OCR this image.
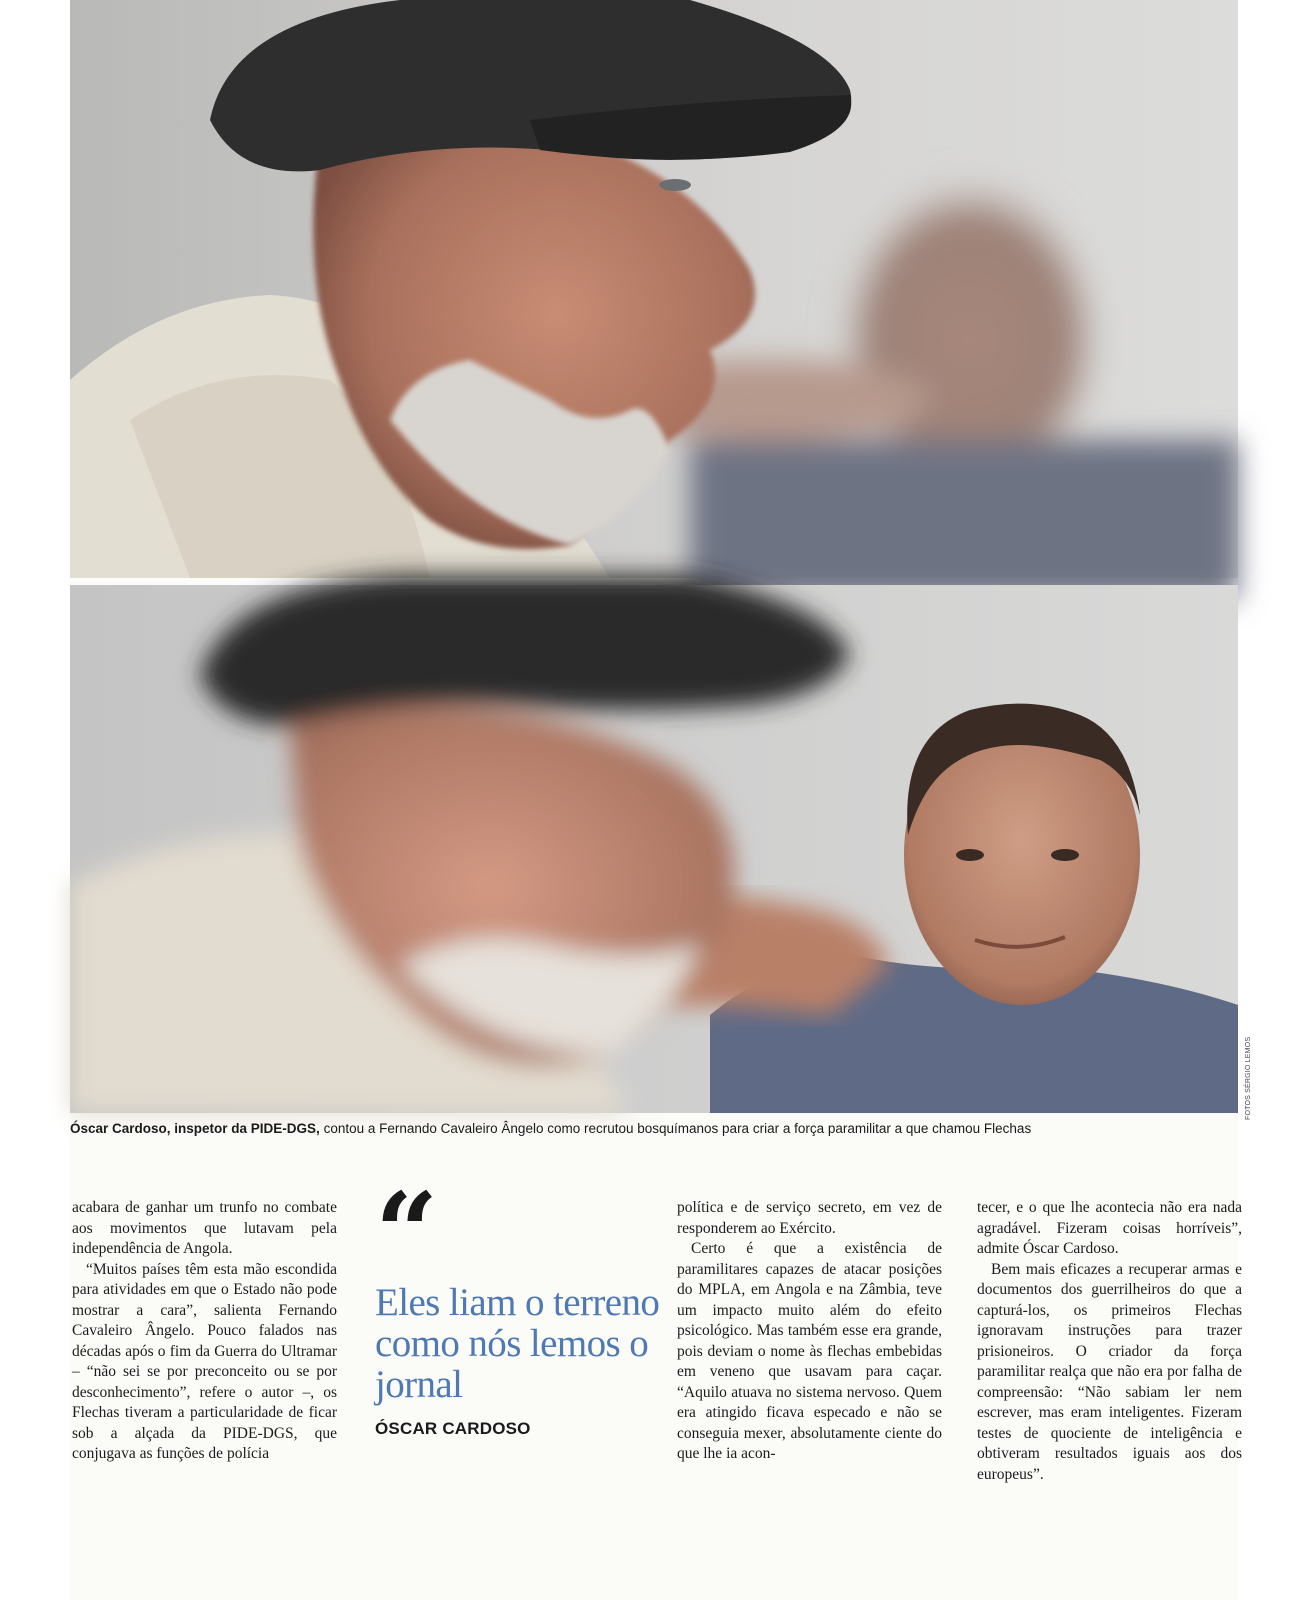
FOTOS SÉRGIO LEMOS
Óscar Cardoso, inspetor da PIDE-DGS, contou a Fernando Cavaleiro Ângelo como recrutou bosquímanos para criar a força paramilitar a que chamou Flechas

acabara de ganhar um trunfo no combate aos movimentos que lutavam pela independência de Angola.

“Muitos países têm esta mão escondida para atividades em que o Estado não pode mostrar a cara”, salienta Fernando Cavaleiro Ângelo. Pouco falados nas décadas após o fim da Guerra do Ultramar – “não sei se por preconceito ou se por desconhecimento”, refere o autor –, os Flechas tiveram a particularidade de ficar sob a alçada da PIDE-DGS, que conjugava as funções de polícia

“
Eles liam o terreno como nós lemos o jornal
ÓSCAR CARDOSO

política e de serviço secreto, em vez de responderem ao Exército.

Certo é que a existência de paramilitares capazes de atacar posições do MPLA, em Angola e na Zâmbia, teve um impacto muito além do efeito psicológico. Mas também esse era grande, pois deviam o nome às flechas embebidas em veneno que usavam para caçar. “Aquilo atuava no sistema nervoso. Quem era atingido ficava especado e não se conseguia mexer, absolutamente ciente do que lhe ia acon-

tecer, e o que lhe acontecia não era nada agradável. Fizeram coisas horríveis”, admite Óscar Cardoso.

Bem mais eficazes a recuperar armas e documentos dos guerrilheiros do que a capturá-los, os primeiros Flechas ignoravam instruções para trazer prisioneiros. O criador da força paramilitar realça que não era por falha de compreensão: “Não sabiam ler nem escrever, mas eram inteligentes. Fizeram testes de quociente de inteligência e obtiveram resultados iguais aos dos europeus”.
